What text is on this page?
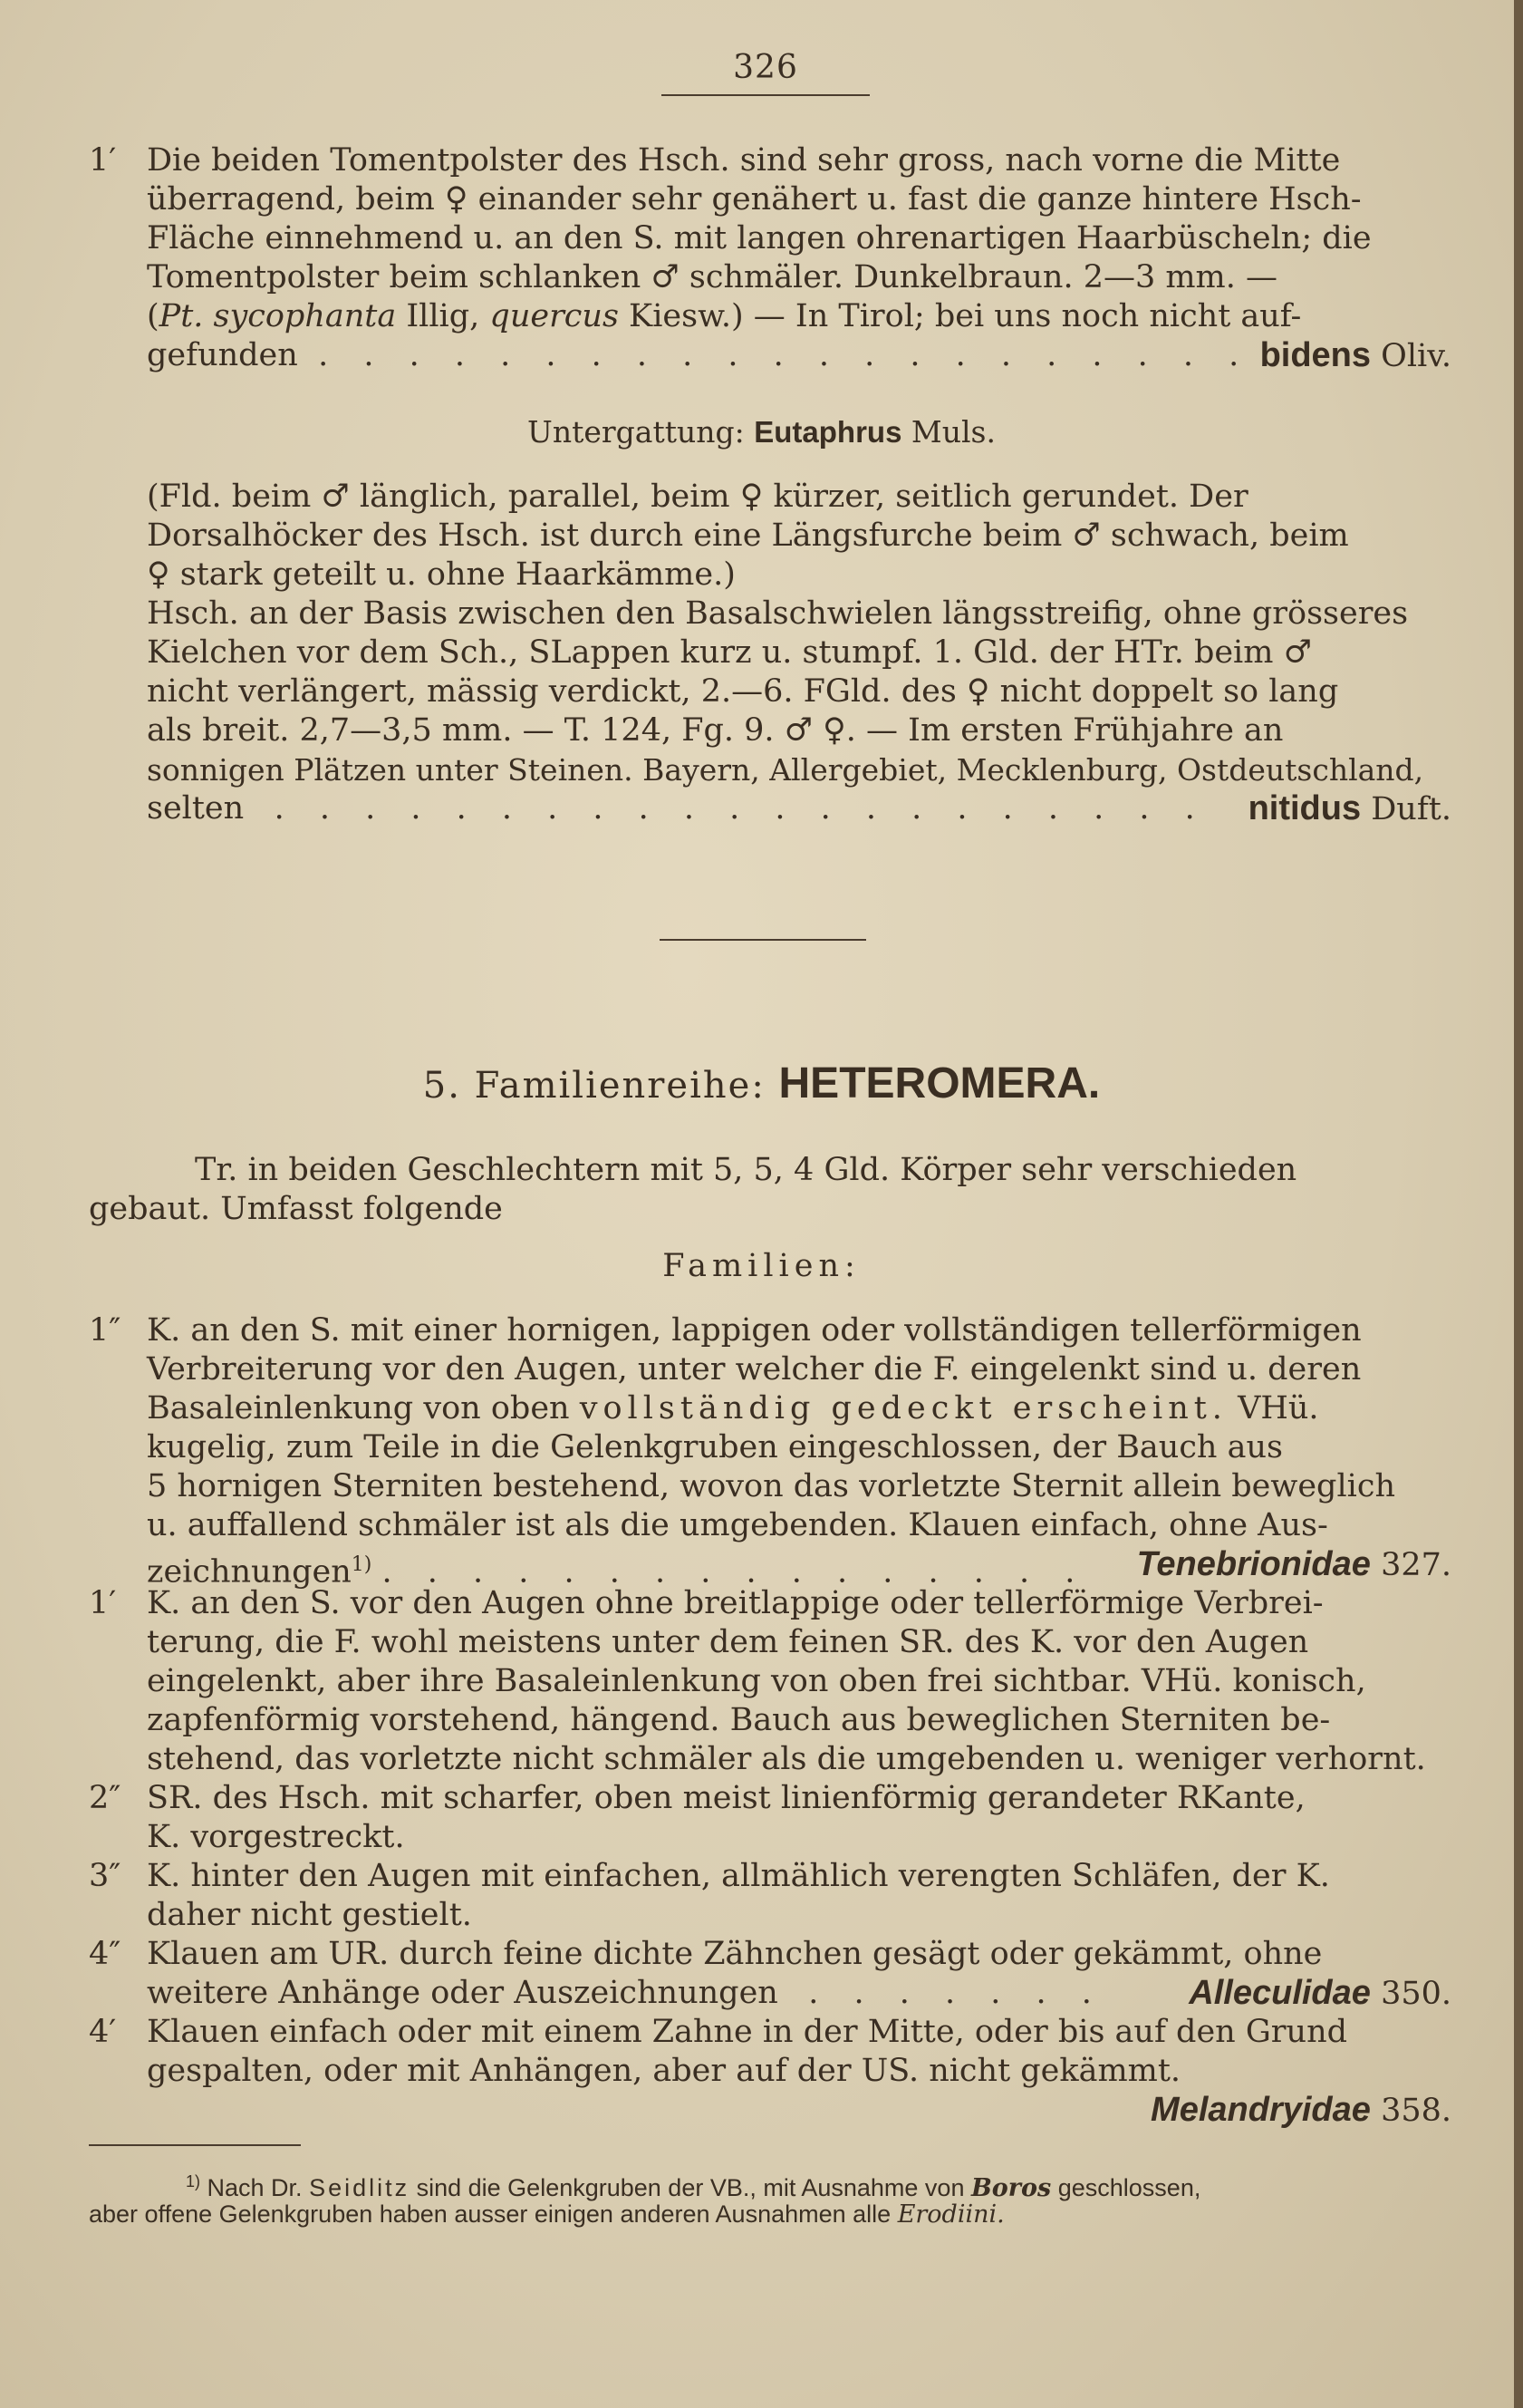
326
1′ Die beiden Tomentpolster des Hsch. sind sehr gross, nach vorne die Mitte

überragend, beim ♀ einander sehr genähert u. fast die ganze hintere Hsch-

Fläche einnehmend u. an den S. mit langen ohrenartigen Haarbüscheln; die

Tomentpolster beim schlanken ♂ schmäler. Dunkelbraun. 2—3 mm. —

(Pt. sycophanta Illig, quercus Kiesw.) — In Tirol; bei uns noch nicht auf-

gefunden . . . . . . . . . . . . . . . . . . . . . bidens Oliv.

Untergattung: Eutaphrus Muls.

(Fld. beim ♂ länglich, parallel, beim ♀ kürzer, seitlich gerundet. Der

Dorsalhöcker des Hsch. ist durch eine Längsfurche beim ♂ schwach, beim

♀ stark geteilt u. ohne Haarkämme.)

Hsch. an der Basis zwischen den Basalschwielen längsstreifig, ohne grösseres

Kielchen vor dem Sch., SLappen kurz u. stumpf. 1. Gld. der HTr. beim ♂

nicht verlängert, mässig verdickt, 2.—6. FGld. des ♀ nicht doppelt so lang

als breit. 2,7—3,5 mm. — T. 124, Fg. 9. ♂ ♀. — Im ersten Frühjahre an

sonnigen Plätzen unter Steinen. Bayern, Allergebiet, Mecklenburg, Ostdeutschland,

selten . . . . . . . . . . . . . . . . . . . . . nitidus Duft.

5. Familienreihe: HETEROMERA.
Tr. in beiden Geschlechtern mit 5, 5, 4 Gld. Körper sehr verschieden
gebaut. Umfasst folgende
Familien:
1″ K. an den S. mit einer hornigen, lappigen oder vollständigen tellerförmigen

Verbreiterung vor den Augen, unter welcher die F. eingelenkt sind u. deren

Basaleinlenkung von oben vollständig gedeckt erscheint. VHü.

kugelig, zum Teile in die Gelenkgruben eingeschlossen, der Bauch aus

5 hornigen Sterniten bestehend, wovon das vorletzte Sternit allein beweglich

u. auffallend schmäler ist als die umgebenden. Klauen einfach, ohne Aus-

zeichnungen$^{1)}$ . . . . . . . . . . . . . . . . Tenebrionidae 327.

1′ K. an den S. vor den Augen ohne breitlappige oder tellerförmige Verbrei-

terung, die F. wohl meistens unter dem feinen SR. des K. vor den Augen

eingelenkt, aber ihre Basaleinlenkung von oben frei sichtbar. VHü. konisch,

zapfenförmig vorstehend, hängend. Bauch aus beweglichen Sterniten be-

stehend, das vorletzte nicht schmäler als die umgebenden u. weniger verhornt.

2″ SR. des Hsch. mit scharfer, oben meist linienförmig gerandeter RKante,

K. vorgestreckt.

3″ K. hinter den Augen mit einfachen, allmählich verengten Schläfen, der K.

daher nicht gestielt.

4″ Klauen am UR. durch feine dichte Zähnchen gesägt oder gekämmt, ohne

weitere Anhänge oder Auszeichnungen . . . . . . . Alleculidae 350.

4′ Klauen einfach oder mit einem Zahne in der Mitte, oder bis auf den Grund

gespalten, oder mit Anhängen, aber auf der US. nicht gekämmt.

Melandryidae 358.

$^{1)}$ Nach Dr. Seidlitz sind die Gelenkgruben der VB., mit Ausnahme von Boros geschlossen,
aber offene Gelenkgruben haben ausser einigen anderen Ausnahmen alle Erodiini.
